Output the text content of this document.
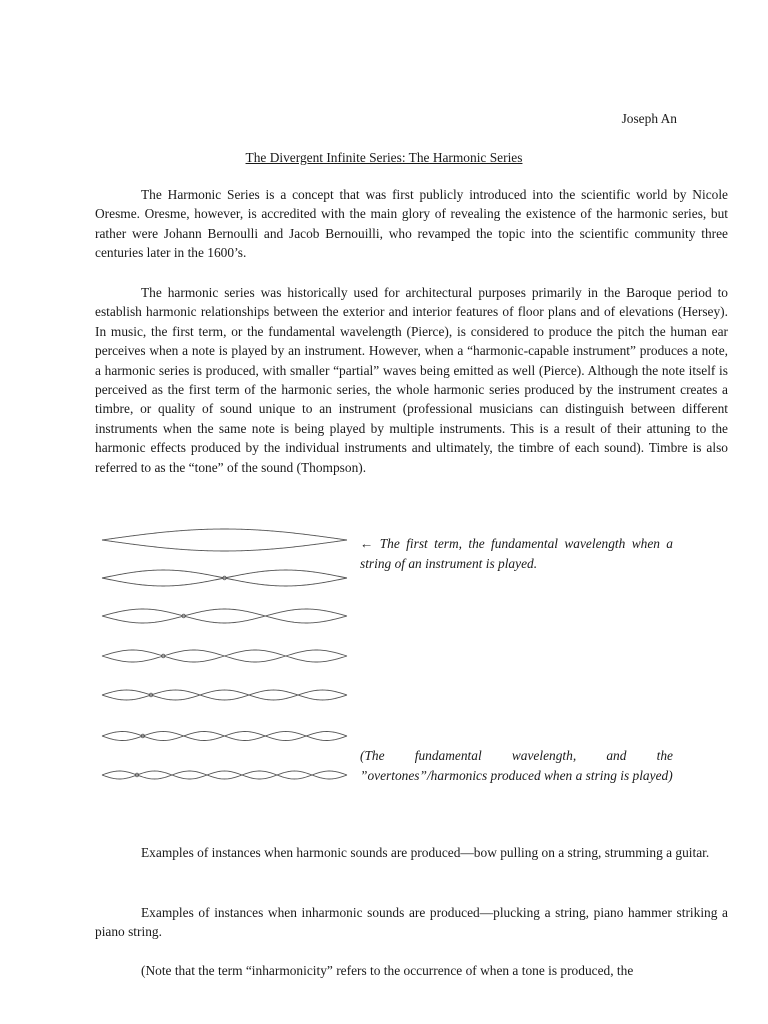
Joseph An
The Divergent Infinite Series: The Harmonic Series

The Harmonic Series is a concept that was first publicly introduced into the scientific world by Nicole Oresme. Oresme, however, is accredited with the main glory of revealing the existence of the harmonic series, but rather were Johann Bernoulli and Jacob Bernouilli, who revamped the topic into the scientific community three centuries later in the 1600’s.

The harmonic series was historically used for architectural purposes primarily in the Baroque period to establish harmonic relationships between the exterior and interior features of floor plans and of elevations (Hersey). In music, the first term, or the fundamental wavelength (Pierce), is considered to produce the pitch the human ear perceives when a note is played by an instrument. However, when a “harmonic-capable instrument” produces a note, a harmonic series is produced, with smaller “partial” waves being emitted as well (Pierce). Although the note itself is perceived as the first term of the harmonic series, the whole harmonic series produced by the instrument creates a timbre, or quality of sound unique to an instrument (professional musicians can distinguish between different instruments when the same note is being played by multiple instruments. This is a result of their attuning to the harmonic effects produced by the individual instruments and ultimately, the timbre of each sound). Timbre is also referred to as the “tone” of the sound (Thompson).

← The first term, the fundamental wavelength when a string of an instrument is played.

(The fundamental wavelength, and the ”overtones”/harmonics produced when a string is played)

Examples of instances when harmonic sounds are produced—bow pulling on a string, strumming a guitar.

Examples of instances when inharmonic sounds are produced—plucking a string, piano hammer striking a piano string.

(Note that the term “inharmonicity” refers to the occurrence of when a tone is produced, the
